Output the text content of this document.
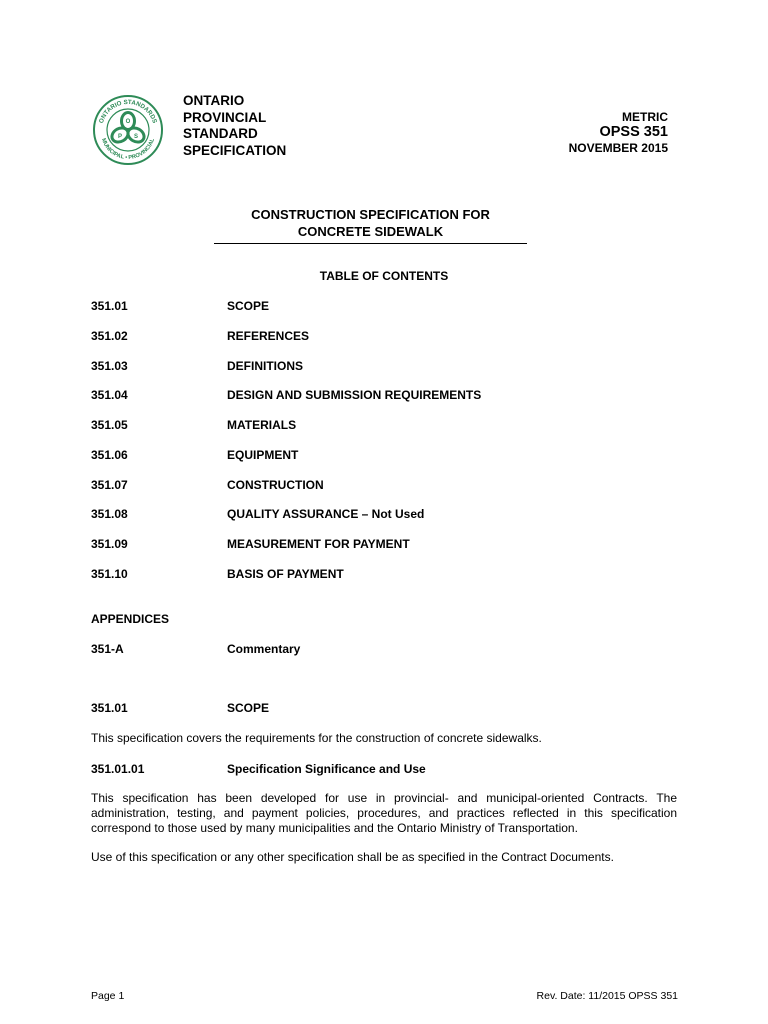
ONTARIO STANDARDS
MUNICIPAL • PROVINCIAL
O
P S
ONTARIO
PROVINCIAL
STANDARD
SPECIFICATION
METRIC
OPSS 351
NOVEMBER 2015
CONSTRUCTION SPECIFICATION FOR
CONCRETE SIDEWALK
TABLE OF CONTENTS
351.01	SCOPE
351.02	REFERENCES
351.03	DEFINITIONS
351.04	DESIGN AND SUBMISSION REQUIREMENTS
351.05	MATERIALS
351.06	EQUIPMENT
351.07	CONSTRUCTION
351.08	QUALITY ASSURANCE – Not Used
351.09	MEASUREMENT FOR PAYMENT
351.10	BASIS OF PAYMENT
APPENDICES
351-A	Commentary
351.01	SCOPE
This specification covers the requirements for the construction of concrete sidewalks.
351.01.01	Specification Significance and Use
This specification has been developed for use in provincial- and municipal-oriented Contracts. The administration, testing, and payment policies, procedures, and practices reflected in this specification correspond to those used by many municipalities and the Ontario Ministry of Transportation.
Use of this specification or any other specification shall be as specified in the Contract Documents.
Page 1	Rev. Date: 11/2015 OPSS 351
